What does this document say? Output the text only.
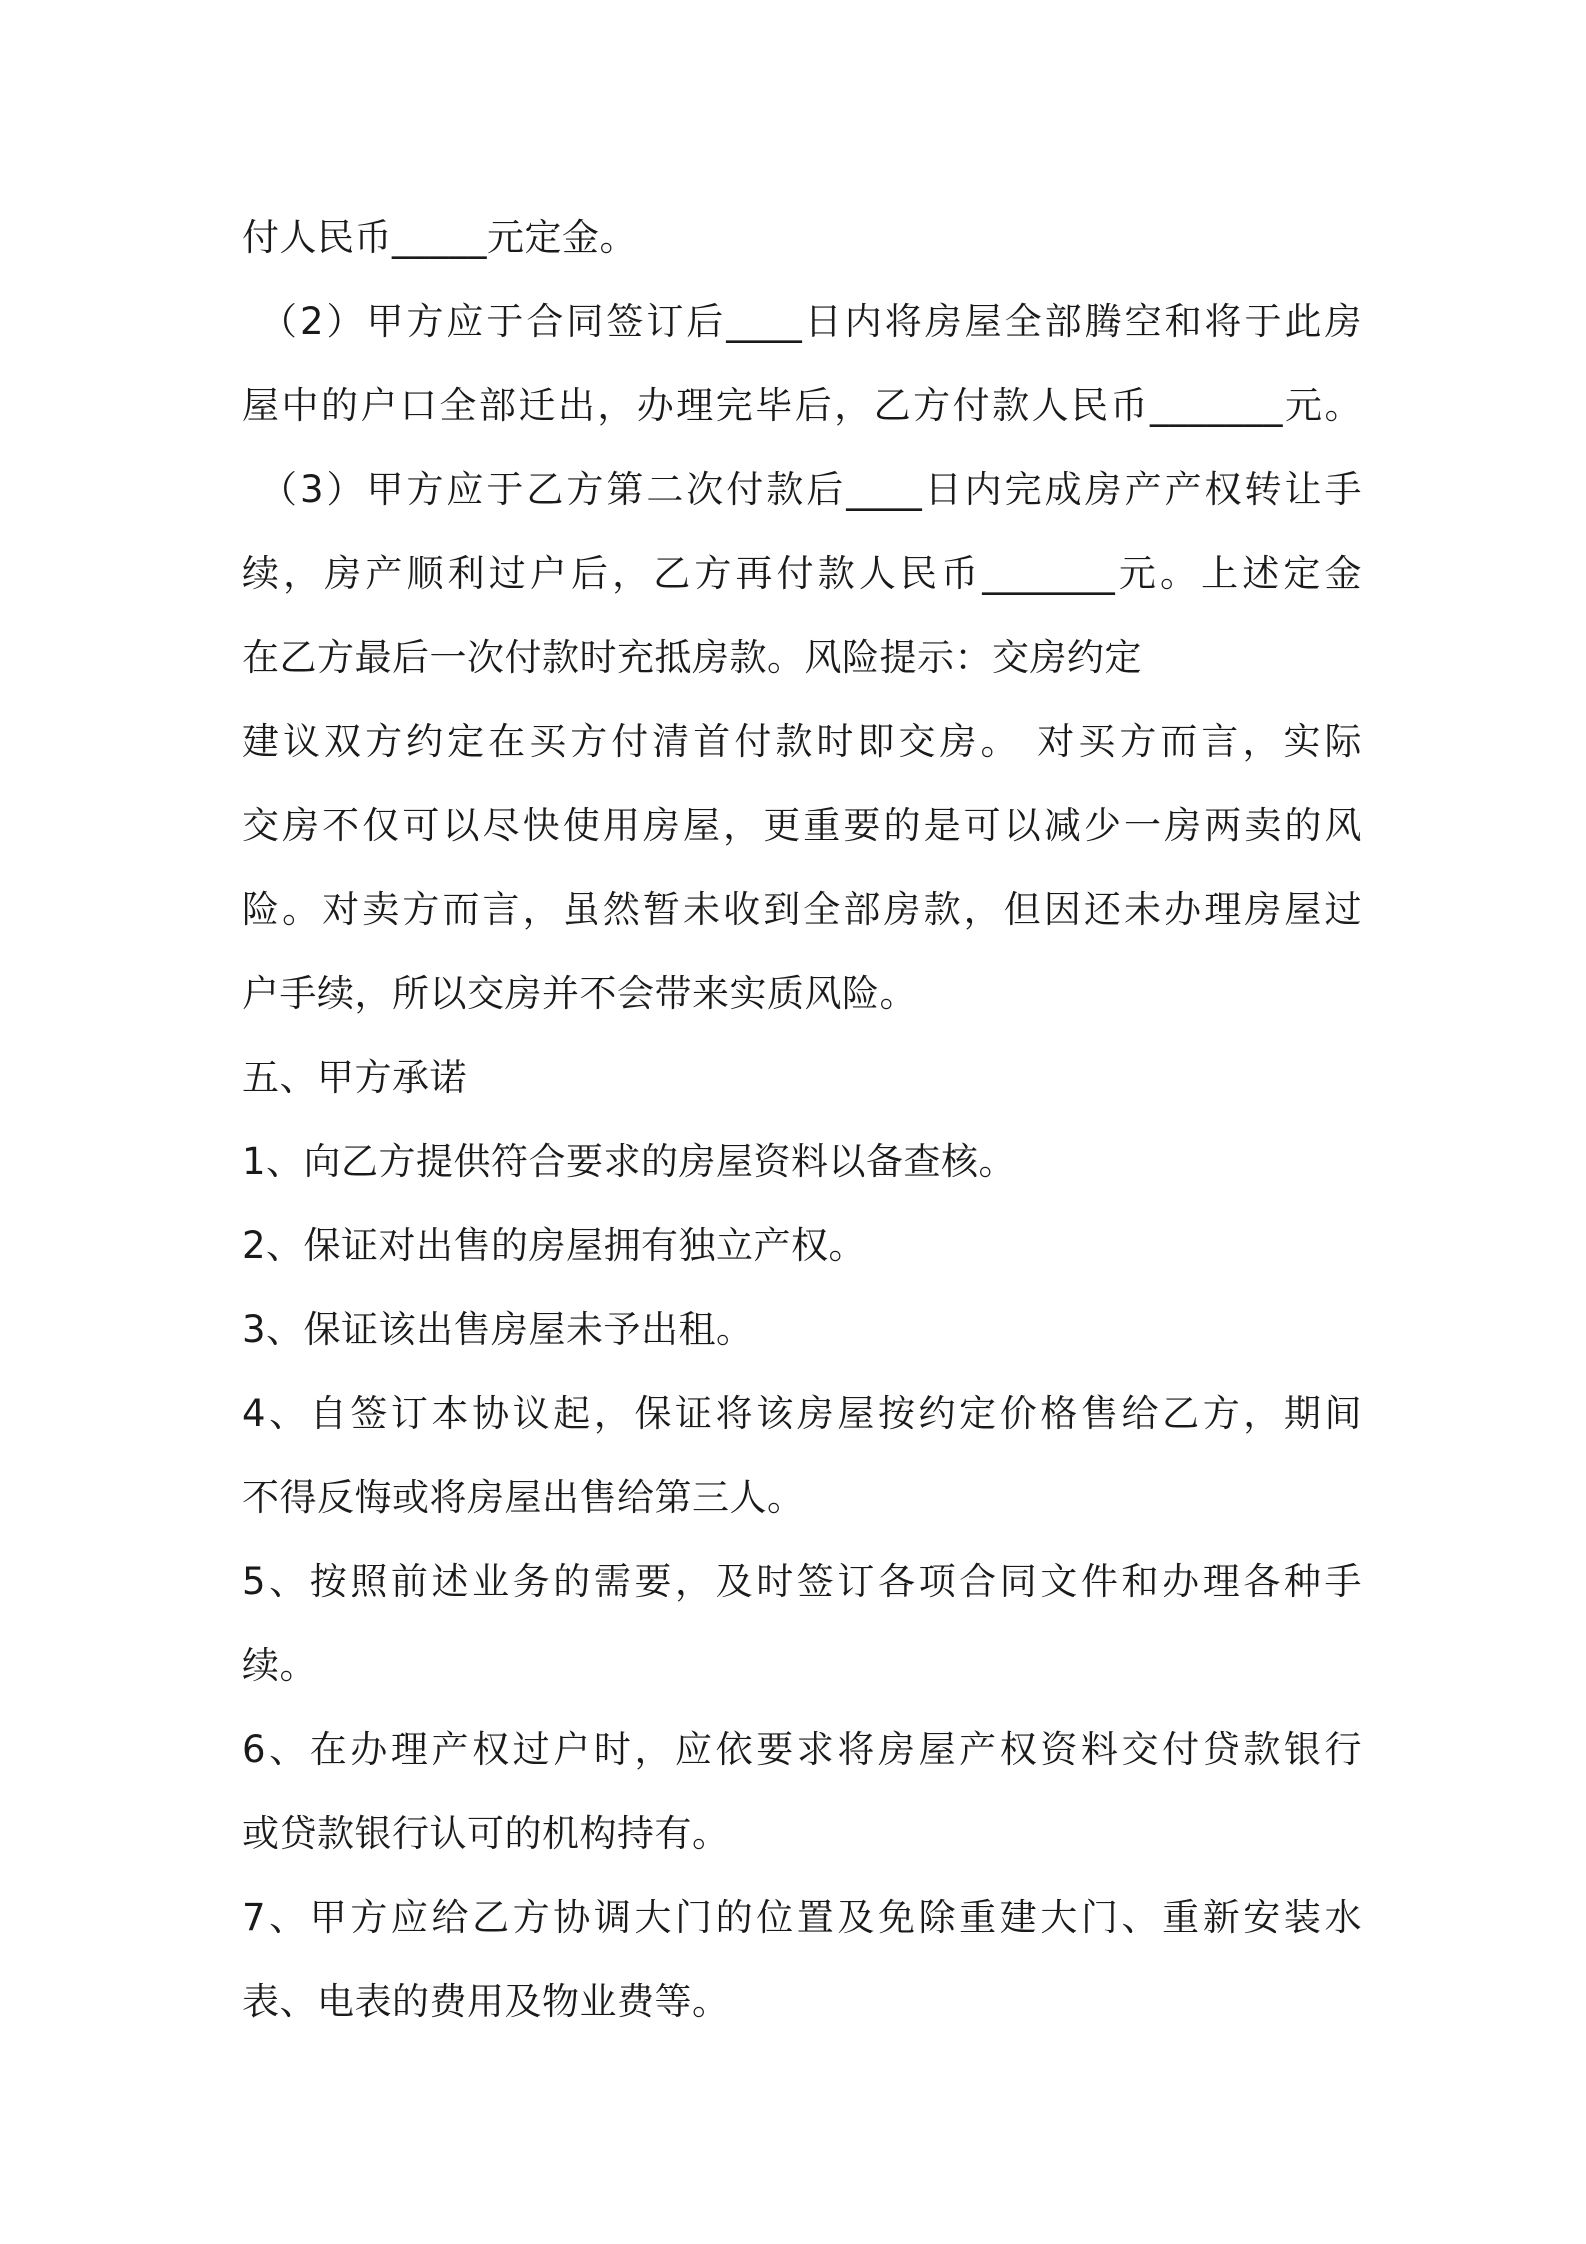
付人民币_____元定金。
（2）甲方应于合同签订后____日内将房屋全部腾空和将于此房
屋中的户口全部迁出，办理完毕后，乙方付款人民币_______元。
（3）甲方应于乙方第二次付款后____日内完成房产产权转让手
续，房产顺利过户后，乙方再付款人民币_______元。上述定金
在乙方最后一次付款时充抵房款。风险提示：交房约定
建议双方约定在买方付清首付款时即交房。 对买方而言，实际
交房不仅可以尽快使用房屋，更重要的是可以减少一房两卖的风
险。对卖方而言，虽然暂未收到全部房款，但因还未办理房屋过
户手续，所以交房并不会带来实质风险。
五、甲方承诺
1、向乙方提供符合要求的房屋资料以备查核。
2、保证对出售的房屋拥有独立产权。
3、保证该出售房屋未予出租。
4、自签订本协议起，保证将该房屋按约定价格售给乙方，期间
不得反悔或将房屋出售给第三人。
5、按照前述业务的需要，及时签订各项合同文件和办理各种手
续。
6、在办理产权过户时，应依要求将房屋产权资料交付贷款银行
或贷款银行认可的机构持有。
7、甲方应给乙方协调大门的位置及免除重建大门、重新安装水
表、电表的费用及物业费等。
